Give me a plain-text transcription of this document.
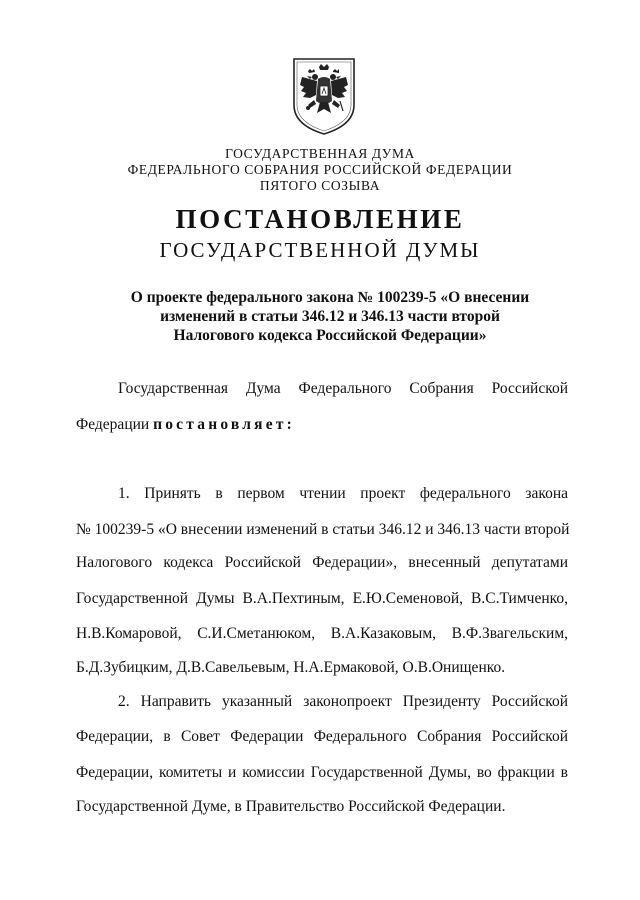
ГОСУДАРСТВЕННАЯ ДУМА
ФЕДЕРАЛЬНОГО СОБРАНИЯ РОССИЙСКОЙ ФЕДЕРАЦИИ
ПЯТОГО СОЗЫВА
ПОСТАНОВЛЕНИЕ
ГОСУДАРСТВЕННОЙ ДУМЫ
О проекте федерального закона № 100239-5 «О внесении
изменений в статьи 346.12 и 346.13 части второй
Налогового кодекса Российской Федерации»
Государственная Дума Федерального Собрания Российской
Федерации постановляет:
1. Принять в первом чтении проект федерального закона
№ 100239-5 «О внесении изменений в статьи 346.12 и 346.13 части второй
Налогового кодекса Российской Федерации», внесенный депутатами
Государственной Думы В.А.Пехтиным, Е.Ю.Семеновой, В.С.Тимченко,
Н.В.Комаровой, С.И.Сметанюком, В.А.Казаковым, В.Ф.Звагельским,
Б.Д.Зубицким, Д.В.Савельевым, Н.А.Ермаковой, О.В.Онищенко.
2. Направить указанный законопроект Президенту Российской
Федерации, в Совет Федерации Федерального Собрания Российской
Федерации, комитеты и комиссии Государственной Думы, во фракции в
Государственной Думе, в Правительство Российской Федерации.
